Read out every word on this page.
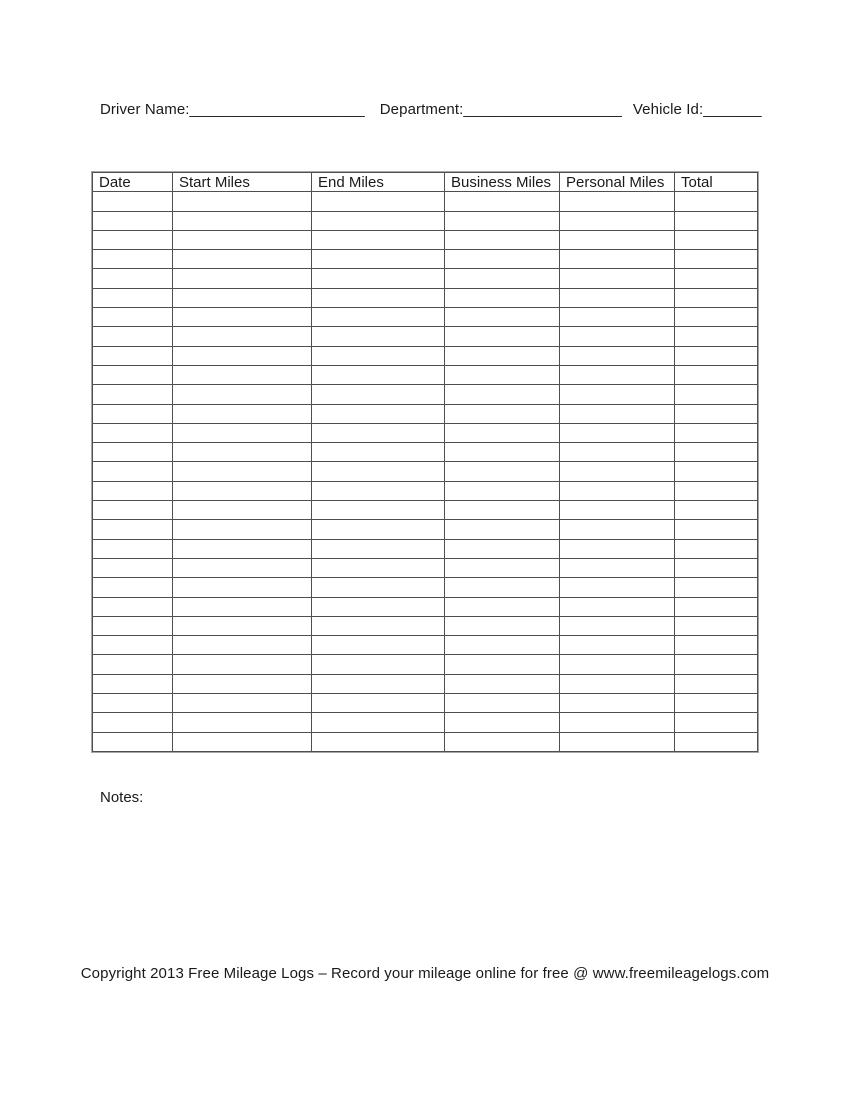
Driver Name:_____________________ Department:___________________ Vehicle Id:_______
Date	Start Miles	End Miles	Business Miles	Personal Miles	Total

Notes:
Copyright 2013 Free Mileage Logs – Record your mileage online for free @ www.freemileagelogs.com
